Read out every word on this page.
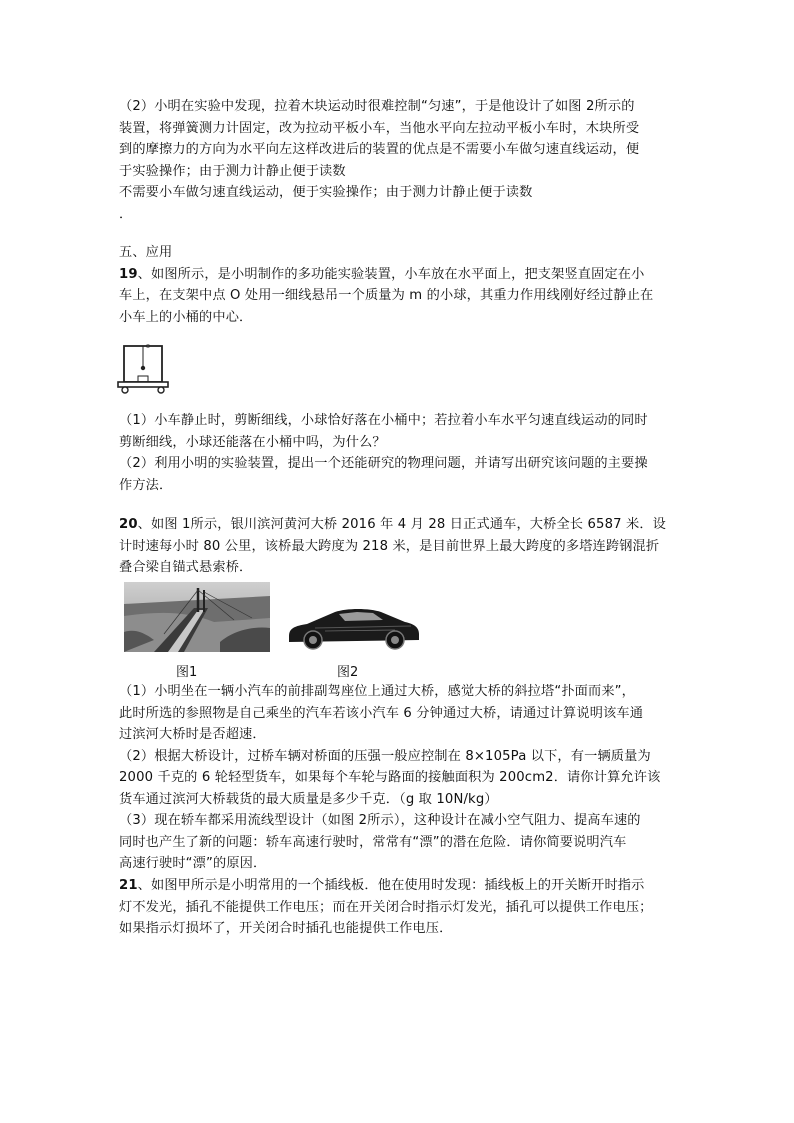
（2）小明在实验中发现，拉着木块运动时很难控制“匀速”，于是他设计了如图 2所示的
装置，将弹簧测力计固定，改为拉动平板小车，当他水平向左拉动平板小车时，木块所受
到的摩擦力的方向为水平向左这样改进后的装置的优点是不需要小车做匀速直线运动，便
于实验操作；由于测力计静止便于读数
不需要小车做匀速直线运动，便于实验操作；由于测力计静止便于读数
．
五、应用
19、如图所示，是小明制作的多功能实验装置，小车放在水平面上，把支架竖直固定在小
车上，在支架中点 O 处用一细线悬吊一个质量为 m 的小球，其重力作用线刚好经过静止在
小车上的小桶的中心．
O
（1）小车静止时，剪断细线，小球恰好落在小桶中；若拉着小车水平匀速直线运动的同时
剪断细线，小球还能落在小桶中吗，为什么？
（2）利用小明的实验装置，提出一个还能研究的物理问题，并请写出研究该问题的主要操
作方法．
20、如图 1所示，银川滨河黄河大桥 2016 年 4 月 28 日正式通车，大桥全长 6587 米．设
计时速每小时 80 公里，该桥最大跨度为 218 米，是目前世界上最大跨度的多塔连跨钢混折
叠合梁自锚式悬索桥．
图1	图2
（1）小明坐在一辆小汽车的前排副驾座位上通过大桥，感觉大桥的斜拉塔“扑面而来”，
此时所选的参照物是自己乘坐的汽车若该小汽车 6 分钟通过大桥，请通过计算说明该车通
过滨河大桥时是否超速．
（2）根据大桥设计，过桥车辆对桥面的压强一般应控制在 8×105Pa 以下，有一辆质量为
2000 千克的 6 轮轻型货车，如果每个车轮与路面的接触面积为 200cm2．请你计算允许该
货车通过滨河大桥载货的最大质量是多少千克．（g 取 10N/kg）
（3）现在轿车都采用流线型设计（如图 2所示），这种设计在减小空气阻力、提高车速的
同时也产生了新的问题：轿车高速行驶时，常常有“漂”的潜在危险．请你简要说明汽车
高速行驶时“漂”的原因．
21、如图甲所示是小明常用的一个插线板．他在使用时发现：插线板上的开关断开时指示
灯不发光，插孔不能提供工作电压；而在开关闭合时指示灯发光，插孔可以提供工作电压；
如果指示灯损坏了，开关闭合时插孔也能提供工作电压．
